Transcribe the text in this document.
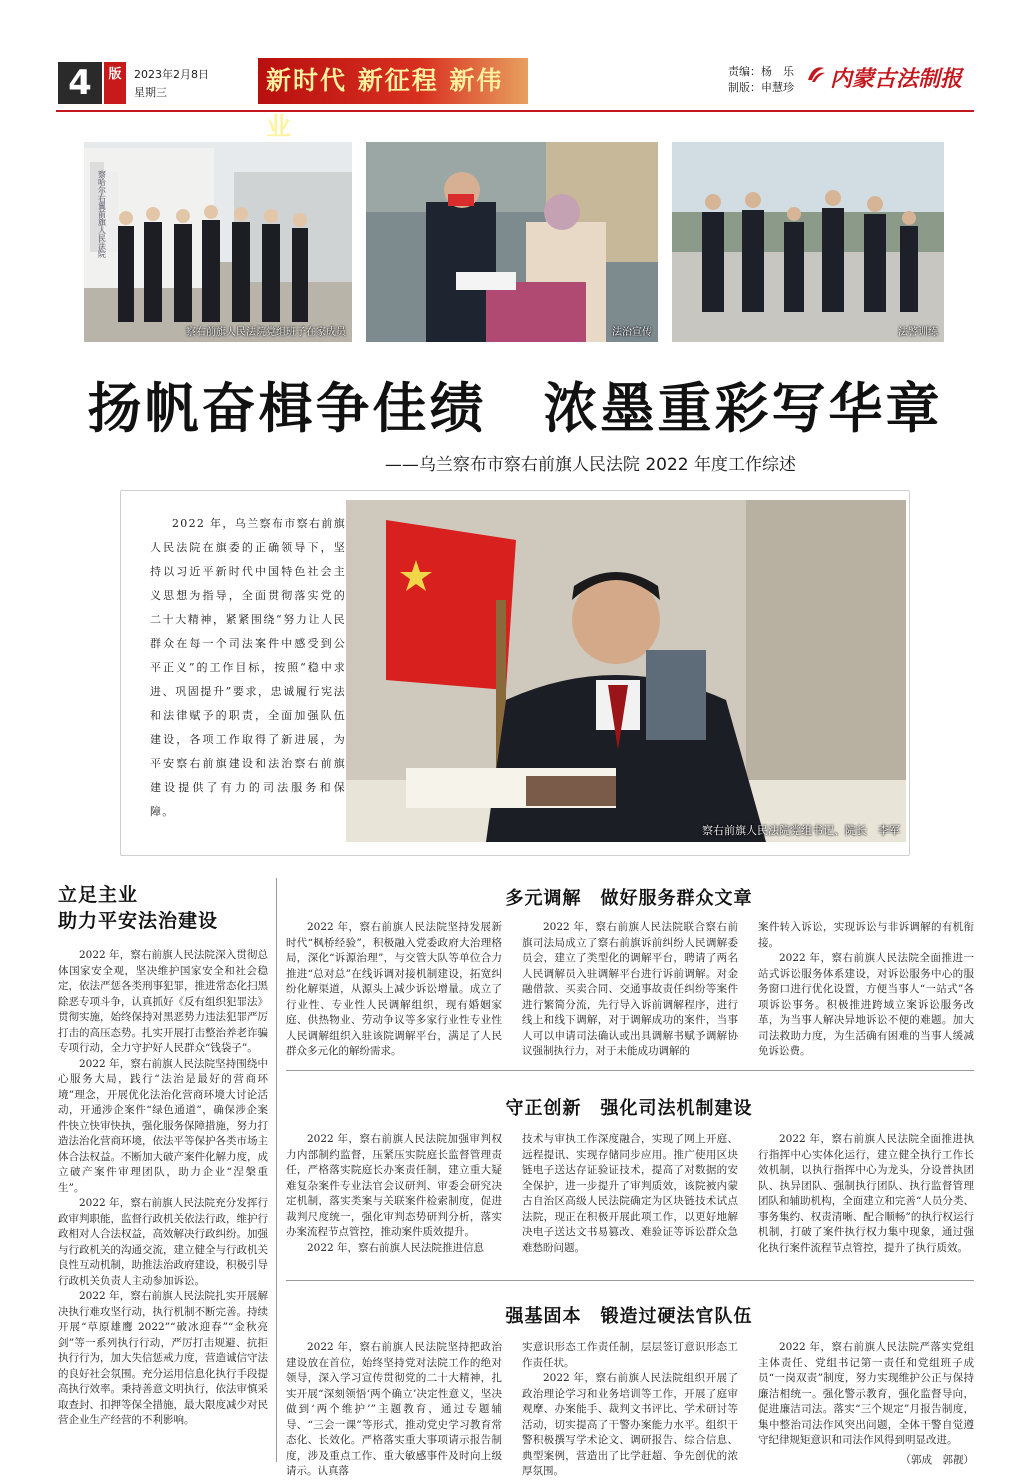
4	版	2023年2月8日
星期三	新时代 新征程 新伟业
责编：杨　乐
制版：申慧珍 内蒙古法制报
察哈尔右翼前旗人民法院
察右前旗人民法院党组班子在家成员	法治宣传	法警训练
扬帆奋楫争佳绩　浓墨重彩写华章
——乌兰察布市察右前旗人民法院 2022 年度工作综述
2022 年，乌兰察布市察右前旗人民法院在旗委的正确领导下，坚持以习近平新时代中国特色社会主义思想为指导，全面贯彻落实党的二十大精神，紧紧围绕“努力让人民群众在每一个司法案件中感受到公平正义”的工作目标，按照“稳中求进、巩固提升”要求，忠诚履行宪法和法律赋予的职责，全面加强队伍建设，各项工作取得了新进展，为平安察右前旗建设和法治察右前旗建设提供了有力的司法服务和保障。
察右前旗人民法院党组书记、院长　李军
立足主业
助力平安法治建设

2022 年，察右前旗人民法院深入贯彻总体国家安全观，坚决维护国家安全和社会稳定，依法严惩各类刑事犯罪，推进常态化扫黑除恶专项斗争，认真抓好《反有组织犯罪法》贯彻实施，始终保持对黑恶势力违法犯罪严厉打击的高压态势。扎实开展打击整治养老诈骗专项行动，全力守护好人民群众“钱袋子”。

2022 年，察右前旗人民法院坚持围绕中心服务大局，践行“法治是最好的营商环境”理念，开展优化法治化营商环境大讨论活动，开通涉企案件“绿色通道”，确保涉企案件快立快审快执，强化服务保障措施，努力打造法治化营商环境，依法平等保护各类市场主体合法权益。不断加大破产案件化解力度，成立破产案件审理团队，助力企业“涅槃重生”。

2022 年，察右前旗人民法院充分发挥行政审判职能，监督行政机关依法行政，维护行政相对人合法权益，高效解决行政纠纷。加强与行政机关的沟通交流，建立健全与行政机关良性互动机制，助推法治政府建设，积极引导行政机关负责人主动参加诉讼。

2022 年，察右前旗人民法院扎实开展解决执行难攻坚行动，执行机制不断完善。持续开展“草原雄鹰 2022”“破冰迎春”“金秋亮剑”等一系列执行行动，严厉打击规避、抗拒执行行为，加大失信惩戒力度，营造诚信守法的良好社会氛围。充分运用信息化执行手段提高执行效率。秉持善意文明执行，依法审慎采取查封、扣押等保全措施，最大限度减少对民营企业生产经营的不利影响。

多元调解　做好服务群众文章

2022 年，察右前旗人民法院坚持发展新时代“枫桥经验”，积极融入党委政府大治理格局，深化“诉源治理”，与交管大队等单位合力推进“总对总”在线诉调对接机制建设，拓宽纠纷化解渠道，从源头上减少诉讼增量。成立了行业性、专业性人民调解组织，现有婚姻家庭、供热物业、劳动争议等多家行业性专业性人民调解组织入驻该院调解平台，满足了人民群众多元化的解纷需求。

2022 年，察右前旗人民法院联合察右前旗司法局成立了察右前旗诉前纠纷人民调解委员会，建立了类型化的调解平台，聘请了两名人民调解员入驻调解平台进行诉前调解。对金融借款、买卖合同、交通事故责任纠纷等案件进行繁简分流，先行导入诉前调解程序，进行线上和线下调解，对于调解成功的案件，当事人可以申请司法确认或出具调解书赋予调解协议强制执行力，对于未能成功调解的

案件转入诉讼，实现诉讼与非诉调解的有机衔接。

2022 年，察右前旗人民法院全面推进一站式诉讼服务体系建设，对诉讼服务中心的服务窗口进行优化设置，方便当事人“一站式”各项诉讼事务。积极推进跨域立案诉讼服务改革，为当事人解决异地诉讼不便的难题。加大司法救助力度，为生活确有困难的当事人缓减免诉讼费。

守正创新　强化司法机制建设

2022 年，察右前旗人民法院加强审判权力内部制约监督，压紧压实院庭长监督管理责任，严格落实院庭长办案责任制，建立重大疑难复杂案件专业法官会议研判、审委会研究决定机制，落实类案与关联案件检索制度，促进裁判尺度统一，强化审判态势研判分析，落实办案流程节点管控，推动案件质效提升。

2022 年，察右前旗人民法院推进信息

技术与审执工作深度融合，实现了网上开庭、远程提讯、实现存储同步应用。推广使用区块链电子送达存证验证技术，提高了对数据的安全保护，进一步提升了审判质效，该院被内蒙古自治区高级人民法院确定为区块链技术试点法院，现正在积极开展此项工作，以更好地解决电子送达文书易篡改、难验证等诉讼群众急难愁盼问题。

2022 年，察右前旗人民法院全面推进执行指挥中心实体化运行，建立健全执行工作长效机制，以执行指挥中心为龙头，分设普执团队、执异团队、强制执行团队、执行监督管理团队和辅助机构，全面建立和完善“人员分类、事务集约、权责清晰、配合顺畅”的执行权运行机制，打破了案件执行权力集中现象，通过强化执行案件流程节点管控，提升了执行质效。

强基固本　锻造过硬法官队伍

2022 年，察右前旗人民法院坚持把政治建设放在首位，始终坚持党对法院工作的绝对领导，深入学习宣传贯彻党的二十大精神，扎实开展“深刻领悟‘两个确立’决定性意义，坚决做到‘两个维护’”主题教育，通过专题辅导、“三会一课”等形式，推动党史学习教育常态化、长效化。严格落实重大事项请示报告制度，涉及重点工作、重大敏感事件及时向上级请示。认真落

实意识形态工作责任制，层层签订意识形态工作责任状。

2022 年，察右前旗人民法院组织开展了政治理论学习和业务培训等工作，开展了庭审观摩、办案能手、裁判文书评比、学术研讨等活动，切实提高了干警办案能力水平。组织干警积极撰写学术论文、调研报告、综合信息、典型案例，营造出了比学赶超、争先创优的浓厚氛围。

2022 年，察右前旗人民法院严落实党组主体责任、党组书记第一责任和党组班子成员“一岗双责”制度，努力实现维护公正与保持廉洁相统一。强化警示教育，强化监督导向，促进廉洁司法。落实“三个规定”月报告制度，集中整治司法作风突出问题，全体干警自觉遵守纪律规矩意识和司法作风得到明显改进。

（郭成　郭靓）
